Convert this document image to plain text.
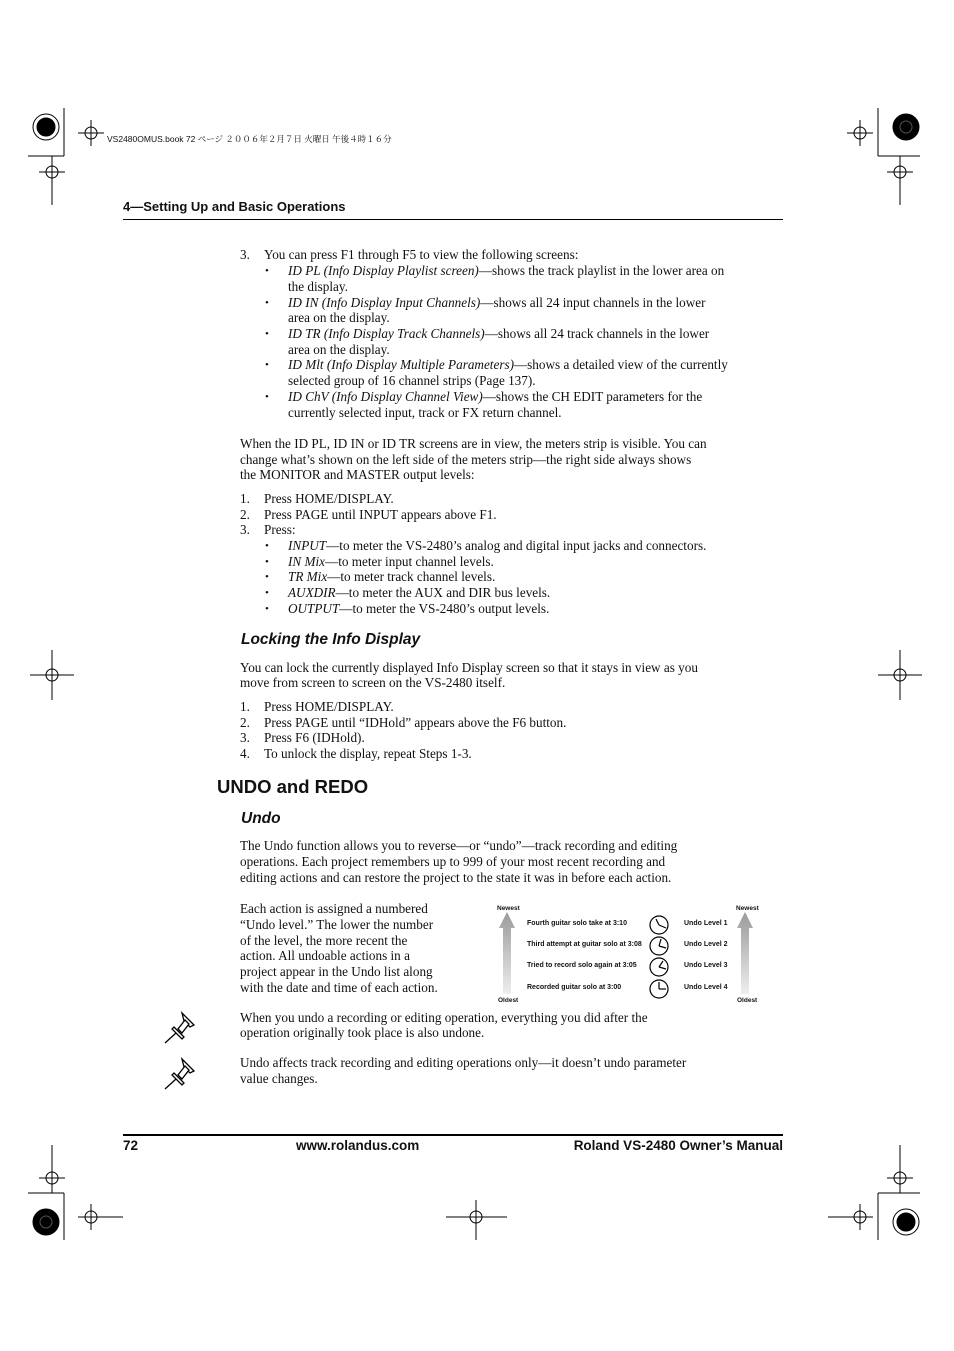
VS2480OMUS.book 72 ページ ２００６年２月７日 火曜日 午後４時１６分
4—Setting Up and Basic Operations
3. You can press F1 through F5 to view the following screens:
• ID PL (Info Display Playlist screen)—shows the track playlist in the lower area on
the display.
• ID IN (Info Display Input Channels)—shows all 24 input channels in the lower
area on the display.
• ID TR (Info Display Track Channels)—shows all 24 track channels in the lower
area on the display.
• ID Mlt (Info Display Multiple Parameters)—shows a detailed view of the currently
selected group of 16 channel strips (Page 137).
• ID ChV (Info Display Channel View)—shows the CH EDIT parameters for the
currently selected input, track or FX return channel.
When the ID PL, ID IN or ID TR screens are in view, the meters strip is visible. You can
change what’s shown on the left side of the meters strip—the right side always shows
the MONITOR and MASTER output levels:
1. Press HOME/DISPLAY.
2. Press PAGE until INPUT appears above F1.
3. Press:
• INPUT—to meter the VS-2480’s analog and digital input jacks and connectors.
• IN Mix—to meter input channel levels.
• TR Mix—to meter track channel levels.
• AUXDIR—to meter the AUX and DIR bus levels.
• OUTPUT—to meter the VS-2480’s output levels.
Locking the Info Display
You can lock the currently displayed Info Display screen so that it stays in view as you
move from screen to screen on the VS-2480 itself.
1. Press HOME/DISPLAY.
2. Press PAGE until “IDHold” appears above the F6 button.
3. Press F6 (IDHold).
4. To unlock the display, repeat Steps 1-3.
UNDO and REDO
Undo
The Undo function allows you to reverse—or “undo”—track recording and editing
operations. Each project remembers up to 999 of your most recent recording and
editing actions and can restore the project to the state it was in before each action.
Each action is assigned a numbered
“Undo level.” The lower the number
of the level, the more recent the
action. All undoable actions in a
project appear in the Undo list along
with the date and time of each action.
Newest
Oldest
Newest
Oldest
Fourth guitar solo take at 3:10
Third attempt at guitar solo at 3:08
Tried to record solo again at 3:05
Recorded guitar solo at 3:00
Undo Level 1
Undo Level 2
Undo Level 3
Undo Level 4
When you undo a recording or editing operation, everything you did after the
operation originally took place is also undone.
Undo affects track recording and editing operations only—it doesn’t undo parameter
value changes.
72	www.rolandus.com	Roland VS-2480 Owner’s Manual
